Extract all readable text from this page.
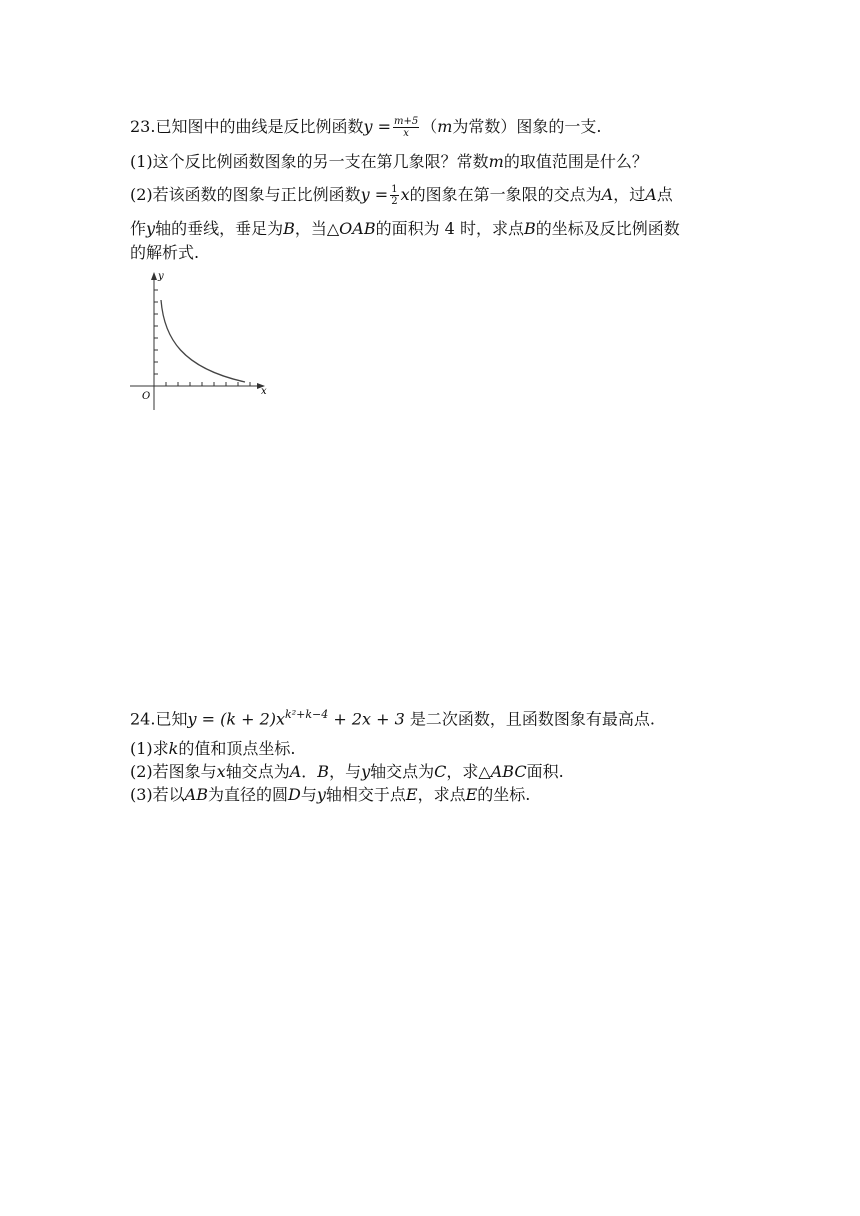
23.已知图中的曲线是反比例函数$y = \frac{m+5}{x} (m$为常数）图象的一支.
(1)这个反比例函数图象的另一支在第几象限？常数m的取值范围是什么？
(2)若该函数的图象与正比例函数$y = \frac{1}{2}$ x的图象在第一象限的交点为A，过A点
作y轴的垂线，垂足为B，当△OAB的面积为 4 时，求点B的坐标及反比例函数
的解析式.
y
x
O
24.已知$y = (k + 2)x^{k^2+k-4} + 2x + 3$ 是二次函数，且函数图象有最高点.
(1)求k的值和顶点坐标.
(2)若图象与x轴交点为A．B，与y轴交点为C，求△ABC面积.
(3)若以AB为直径的圆D与y轴相交于点E，求点E的坐标.
